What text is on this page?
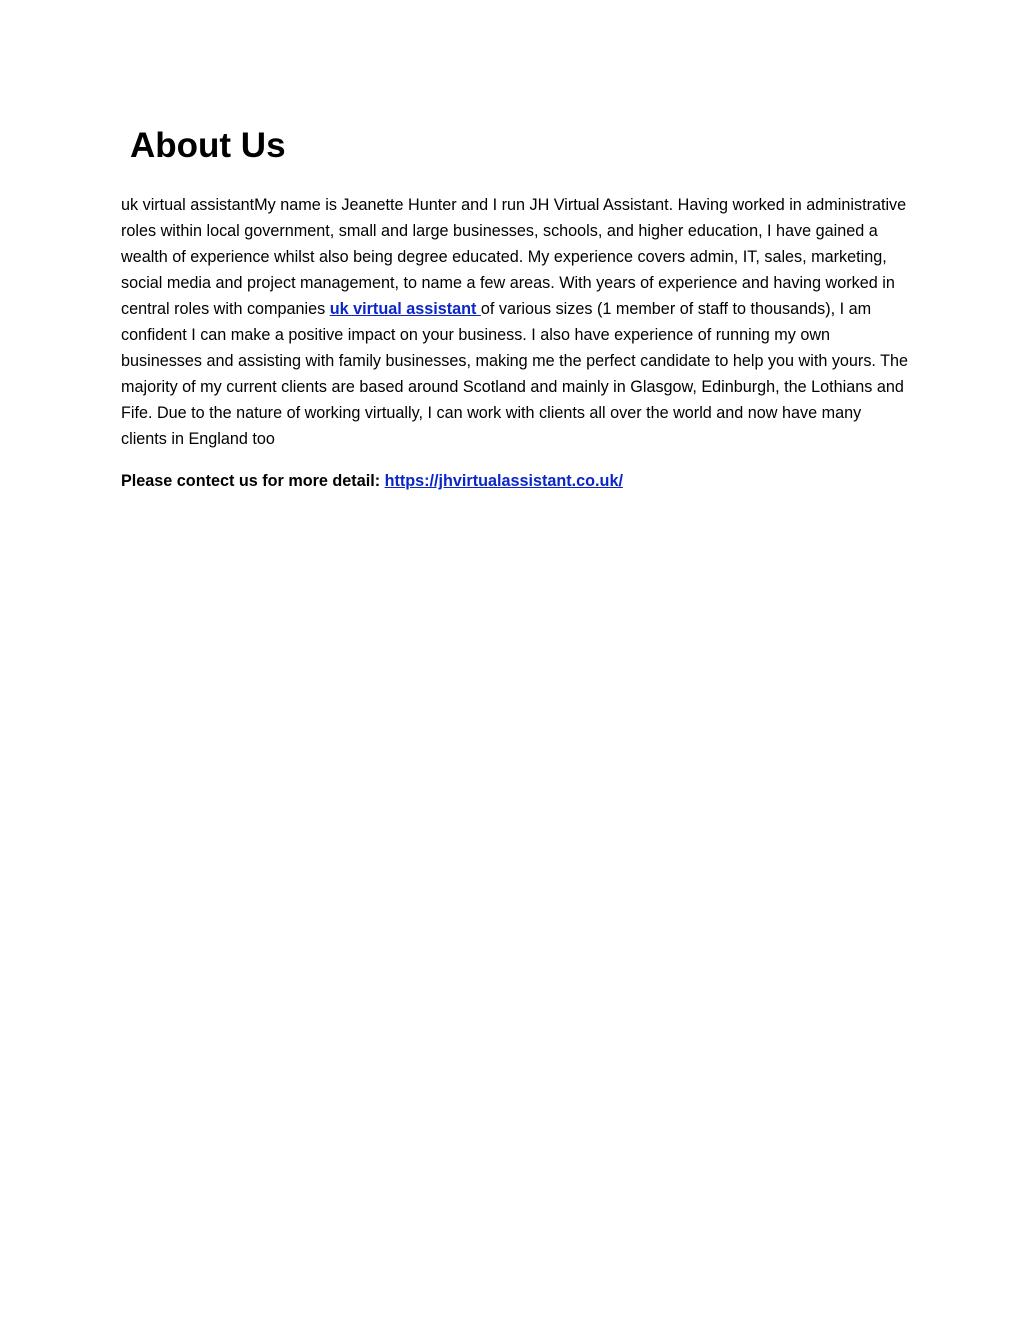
About Us

uk virtual assistantMy name is Jeanette Hunter and I run JH Virtual Assistant. Having worked in administrative roles within local government, small and large businesses, schools, and higher education, I have gained a wealth of experience whilst also being degree educated. My experience covers admin, IT, sales, marketing, social media and project management, to name a few areas. With years of experience and having worked in central roles with companies uk virtual assistant of various sizes (1 member of staff to thousands), I am confident I can make a positive impact on your business. I also have experience of running my own businesses and assisting with family businesses, making me the perfect candidate to help you with yours. The majority of my current clients are based around Scotland and mainly in Glasgow, Edinburgh, the Lothians and Fife. Due to the nature of working virtually, I can work with clients all over the world and now have many clients in England too

Please contect us for more detail: https://jhvirtualassistant.co.uk/
